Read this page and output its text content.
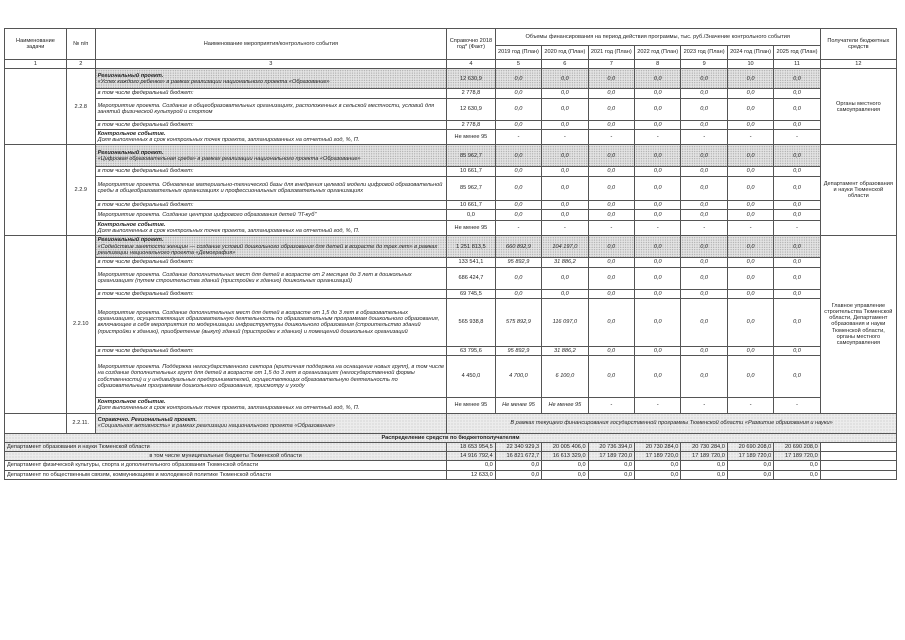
Наименование задачи	№ п/п	Наименование мероприятия/контрольного события	Справочно 2018 год* (Факт)	Объемы финансирования на период действия программы, тыс. руб./Значение контрольного события							Получатели бюджетных средств
				2019 год (План)	2020 год (План)	2021 год (План)	2022 год (План)	2023 год (План)	2024 год (План)	2025 год (План)	
1	2	3	4	5	6	7	8	9	10	11	12
	2.2.8	Региональный проект.
«Успех каждого ребенка» в рамках реализации национального проекта «Образование»	12 630,9	0,0	0,0	0,0	0,0	0,0	0,0	0,0	Органы местного самоуправления
		в том числе федеральный бюджет:	2 778,8	0,0	0,0	0,0	0,0	0,0	0,0	0,0	
		Мероприятие проекта. Создание в общеобразовательных организациях, расположенных в сельской местности, условий для занятий физической культурой и спортом	12 630,9	0,0	0,0	0,0	0,0	0,0	0,0	0,0	
		в том числе федеральный бюджет:	2 778,8	0,0	0,0	0,0	0,0	0,0	0,0	0,0	
		Контрольное событие.
Доля выполненных в срок контрольных точек проекта, запланированных на отчетный год, %, П.	Не менее 95	-	-	-	-	-	-	-	
	2.2.9	Региональный проект.
«Цифровая образовательная среда» в рамках реализации национального проекта «Образование»	85 962,7	0,0	0,0	0,0	0,0	0,0	0,0	0,0	Департамент образования и науки Тюменской области
		в том числе федеральный бюджет:	10 661,7	0,0	0,0	0,0	0,0	0,0	0,0	0,0	
		Мероприятие проекта. Обновление материально-технической базы для внедрения целевой модели цифровой образовательной среды в общеобразовательных организациях и профессиональных образовательных организациях	85 962,7	0,0	0,0	0,0	0,0	0,0	0,0	0,0	
		в том числе федеральный бюджет:	10 661,7	0,0	0,0	0,0	0,0	0,0	0,0	0,0	
		Мероприятие проекта. Создание центров цифрового образования детей "IT-куб"	0,0	0,0	0,0	0,0	0,0	0,0	0,0	0,0	
		Контрольное событие.
Доля выполненных в срок контрольных точек проекта, запланированных на отчетный год, %, П.	Не менее 95	-	-	-	-	-	-	-	
	2.2.10	Региональный проект.
«Содействие занятости женщин — создание условий дошкольного образования для детей в возрасте до трех лет» в рамках реализации национального проекта «Демография»	1 251 813,5	660 892,9	104 197,0	0,0	0,0	0,0	0,0	0,0	Главное управление строительства Тюменской области, Департамент образования и науки Тюменской области, органы местного самоуправления
		в том числе федеральный бюджет:	133 541,1	95 892,9	31 886,2	0,0	0,0	0,0	0,0	0,0	
		Мероприятие проекта. Создание дополнительных мест для детей в возрасте от 2 месяцев до 3 лет в дошкольных организациях (путем строительства зданий (пристройки к зданию) дошкольных организаций)	686 424,7	0,0	0,0	0,0	0,0	0,0	0,0	0,0	
		в том числе федеральный бюджет:	69 745,5	0,0	0,0	0,0	0,0	0,0	0,0	0,0	
		Мероприятие проекта. Создание дополнительных мест для детей в возрасте от 1,5 до 3 лет в образовательных организациях, осуществляющих образовательную деятельность по образовательным программам дошкольного образования, включающее в себя мероприятия по модернизации инфраструктуры дошкольного образования (строительство зданий (пристройки к зданию), приобретение (выкуп) зданий (пристройки к зданию) и помещений дошкольных организаций	565 938,8	575 892,9	116 097,0	0,0	0,0	0,0	0,0	0,0	
		в том числе федеральный бюджет:	63 795,6	95 892,9	31 886,2	0,0	0,0	0,0	0,0	0,0	
		Мероприятие проекта. Поддержка негосударственного сектора (критичная поддержка на оснащение новых групп), в том числе на создание дополнительных групп для детей в возрасте от 1,5 до 3 лет в организациях (негосударственной формы собственности) и у индивидуальных предпринимателей, осуществляющих образовательную деятельность по образовательным программам дошкольного образования, присмотру и уходу	4 450,0	4 700,0	6 100,0	0,0	0,0	0,0	0,0	0,0	
		Контрольное событие.
Доля выполненных в срок контрольных точек проекта, запланированных на отчетный год, %, П.	Не менее 95	Не менее 95	Не менее 95	-	-	-	-	-	
	2.2.11.	Справочно. Региональный проект.
«Социальная активность» в рамках реализации национального проекта «Образование»	В рамках текущего финансирования государственной программы Тюменской области «Развитие образования и науки»								
Распределение средств по бюджетополучателям											
Департамент образования и науки Тюменской области			18 653 954,5	22 340 929,3	20 005 406,0	20 736 394,0	20 730 284,0	20 730 284,0	20 690 208,0	20 690 208,0	
в том числе муниципальные бюджеты Тюменской области			14 916 792,4	16 821 672,7	16 613 329,0	17 189 720,0	17 189 720,0	17 189 720,0	17 189 720,0	17 189 720,0	
Департамент физической культуры, спорта и дополнительного образования Тюменской области			0,0	0,0	0,0	0,0	0,0	0,0	0,0	0,0	
Департамент по общественным связям, коммуникациям и молодежной политике Тюменской области			12 633,0	0,0	0,0	0,0	0,0	0,0	0,0	0,0	
